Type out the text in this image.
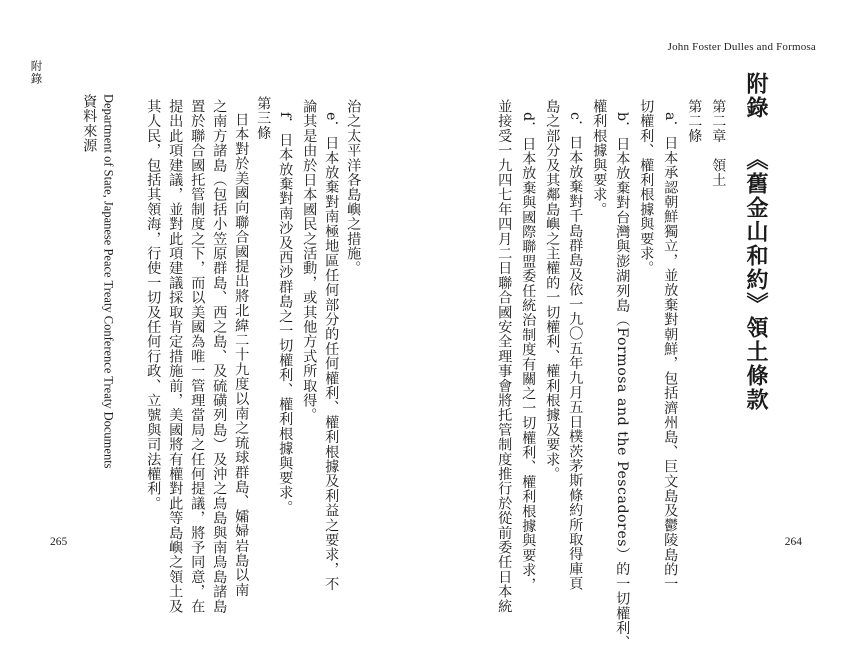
附錄
資料來源 Department of State, Japanese Peace Treaty Conference Treaty Documents 其人民，包括其領海，行使一切及任何行政、立號與司法權利。 提出此項建議，並對此項建議採取肯定措施前，美國將有權對此等島嶼之領土及 置於聯合國托管制度之下，而以美國為唯一管理當局之任何提議，將予同意，在 之南方諸島（包括小笠原群島、西之島、及硫磺列島）及沖之鳥島與南鳥島諸島 日本對於美國向聯合國提出將北緯二十九度以南之琉球群島、孀婦岩島以南 第三條 f．日本放棄對南沙及西沙群島之一切權利、權利根據與要求。 論其是由於日本國民之活動，或其他方式所取得。 e．日本放棄對南極地區任何部分的任何權利、權利根據及利益之要求，不 治之太平洋各島嶼之措施。
265
John Foster Dulles and Formosa
並接受一九四七年四月二日聯合國安全理事會將托管制度推行於從前委任日本統 d．日本放棄與國際聯盟委任統治制度有關之一切權利、權利根據與要求， 島之部分及其鄰島嶼之主權的一切權利、權利根據及要求。 c．日本放棄對千島群島及依一九〇五年九月五日樸茨茅斯條約所取得庫頁 權利根據與要求。 b．日本放棄對台灣與澎湖列島（Formosa and the Pescadores）的一切權利、 切權利、權利根據與要求。 a．日本承認朝鮮獨立，並放棄對朝鮮，包括濟州島、巨文島及鬱陵島的一 第二條 第二章　領土 附錄 《舊金山和約》領土條款
264
